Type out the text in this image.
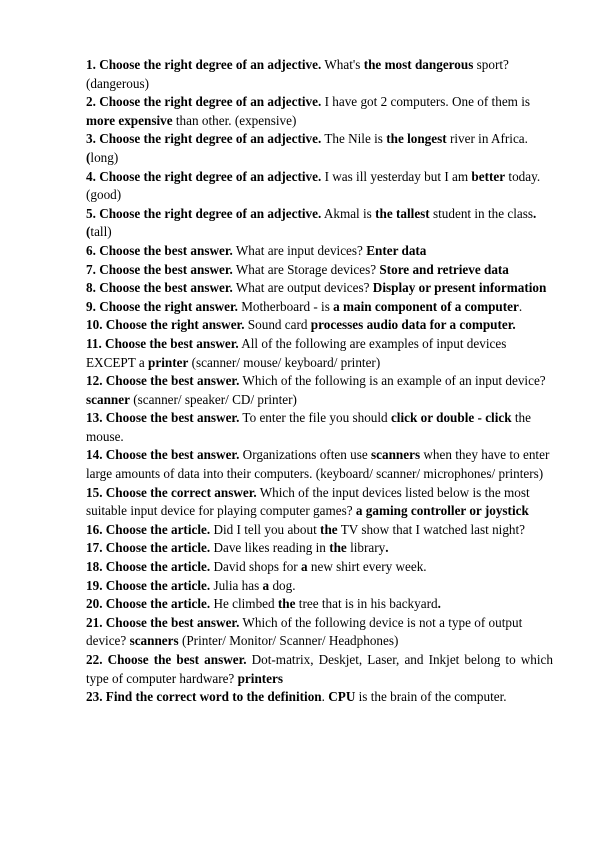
1. Choose the right degree of an adjective. What's the most dangerous sport? (dangerous)

2. Choose the right degree of an adjective. I have got 2 computers. One of them is more expensive than other. (expensive)

3. Choose the right degree of an adjective. The Nile is the longest river in Africa. (long)

4. Choose the right degree of an adjective. I was ill yesterday but I am better today. (good)

5. Choose the right degree of an adjective. Akmal is the tallest student in the class. (tall)

6. Choose the best answer. What are input devices? Enter data

7. Choose the best answer. What are Storage devices? Store and retrieve data

8. Choose the best answer. What are output devices? Display or present information

9. Choose the right answer. Motherboard - is a main component of a computer.

10. Choose the right answer. Sound card processes audio data for a computer.

11. Choose the best answer. All of the following are examples of input devices EXCEPT a printer (scanner/ mouse/ keyboard/ printer)

12. Choose the best answer. Which of the following is an example of an input device? scanner (scanner/ speaker/ CD/ printer)

13. Choose the best answer. To enter the file you should click or double - click the mouse.

14. Choose the best answer. Organizations often use scanners when they have to enter large amounts of data into their computers. (keyboard/ scanner/ microphones/ printers)

15. Choose the correct answer. Which of the input devices listed below is the most suitable input device for playing computer games? a gaming controller or joystick

16. Choose the article. Did I tell you about the TV show that I watched last night?

17. Choose the article. Dave likes reading in the library.

18. Choose the article. David shops for a new shirt every week.

19. Choose the article. Julia has a dog.

20. Choose the article. He climbed the tree that is in his backyard.

21. Choose the best answer. Which of the following device is not a type of output device? scanners (Printer/ Monitor/ Scanner/ Headphones)

22. Choose the best answer. Dot-matrix, Deskjet, Laser, and Inkjet belong to which type of computer hardware? printers

23. Find the correct word to the definition. CPU is the brain of the computer.
